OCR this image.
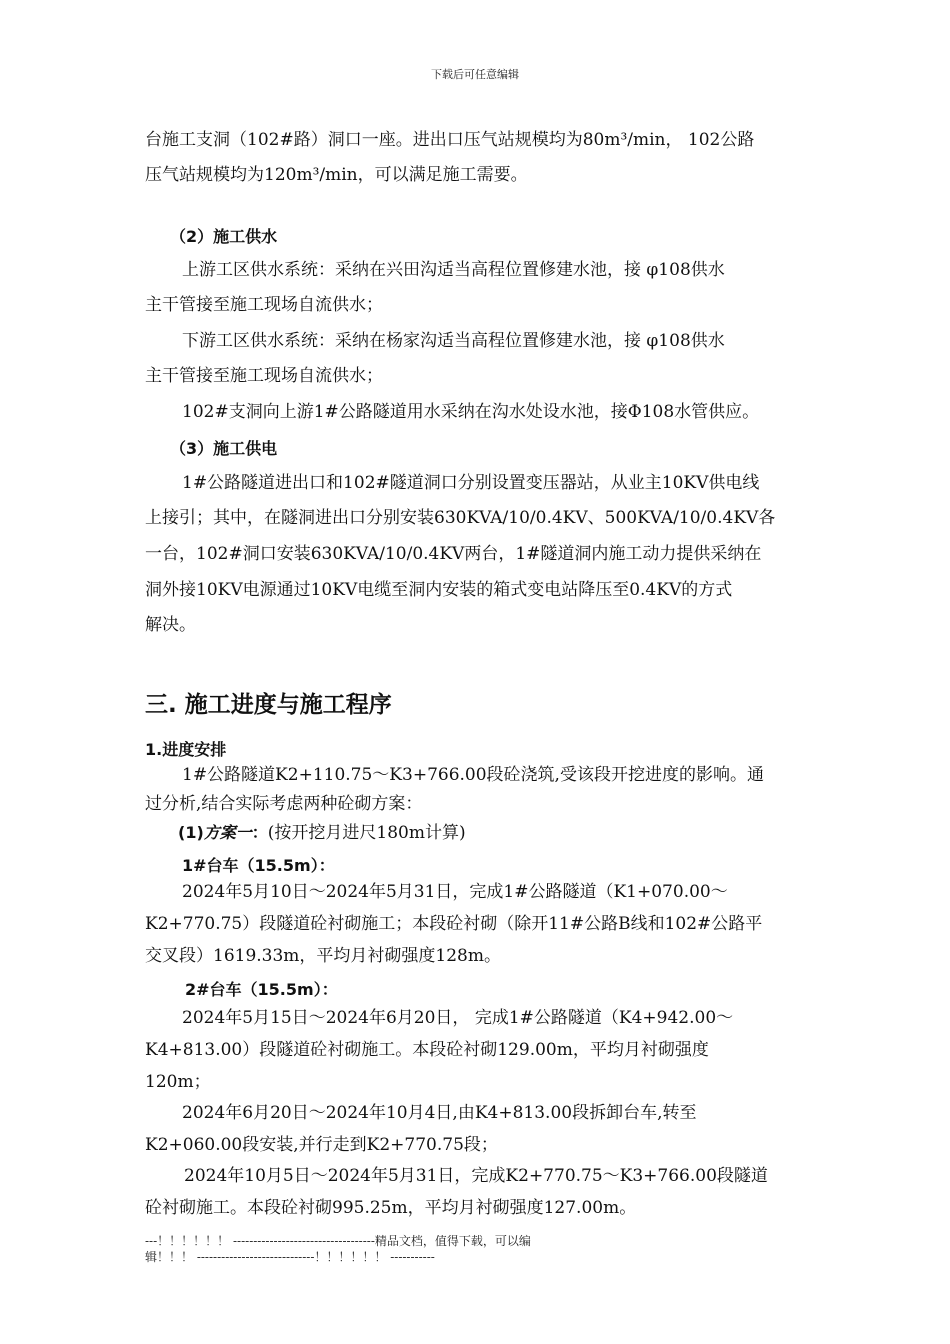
下载后可任意编辑
台施工支洞（102#路）洞口一座。进出口压气站规模均为80m³/min， 102公路
压气站规模均为120m³/min，可以满足施工需要。
（2）施工供水
上游工区供水系统：采纳在兴田沟适当高程位置修建水池，接 φ108供水
主干管接至施工现场自流供水；
下游工区供水系统：采纳在杨家沟适当高程位置修建水池，接 φ108供水
主干管接至施工现场自流供水；
102#支洞向上游1#公路隧道用水采纳在沟水处设水池，接Φ108水管供应。
（3）施工供电
1#公路隧道进出口和102#隧道洞口分别设置变压器站，从业主10KV供电线
上接引；其中，在隧洞进出口分别安装630KVA/10/0.4KV、500KVA/10/0.4KV各
一台，102#洞口安装630KVA/10/0.4KV两台，1#隧道洞内施工动力提供采纳在
洞外接10KV电源通过10KV电缆至洞内安装的箱式变电站降压至0.4KV的方式
解决。
三. 施工进度与施工程序
1.进度安排
1#公路隧道K2+110.75～K3+766.00段砼浇筑,受该段开挖进度的影响。通
过分析,结合实际考虑两种砼砌方案：
(1)方案一：(按开挖月进尺180m计算)
1#台车（15.5m）：
2024年5月10日～2024年5月31日，完成1#公路隧道（K1+070.00～
K2+770.75）段隧道砼衬砌施工；本段砼衬砌（除开11#公路B线和102#公路平
交叉段）1619.33m，平均月衬砌强度128m。
2#台车（15.5m）：
2024年5月15日～2024年6月20日， 完成1#公路隧道（K4+942.00～
K4+813.00）段隧道砼衬砌施工。本段砼衬砌129.00m，平均月衬砌强度
120m；
2024年6月20日～2024年10月4日,由K4+813.00段拆卸台车,转至
K2+060.00段安装,并行走到K2+770.75段；
2024年10月5日～2024年5月31日，完成K2+770.75～K3+766.00段隧道
砼衬砌施工。本段砼衬砌995.25m，平均月衬砌强度127.00m。
---！！！！！！ -----------------------------------精品文档，值得下载，可以编
辑！！！ -----------------------------！！！！！！ -----------
